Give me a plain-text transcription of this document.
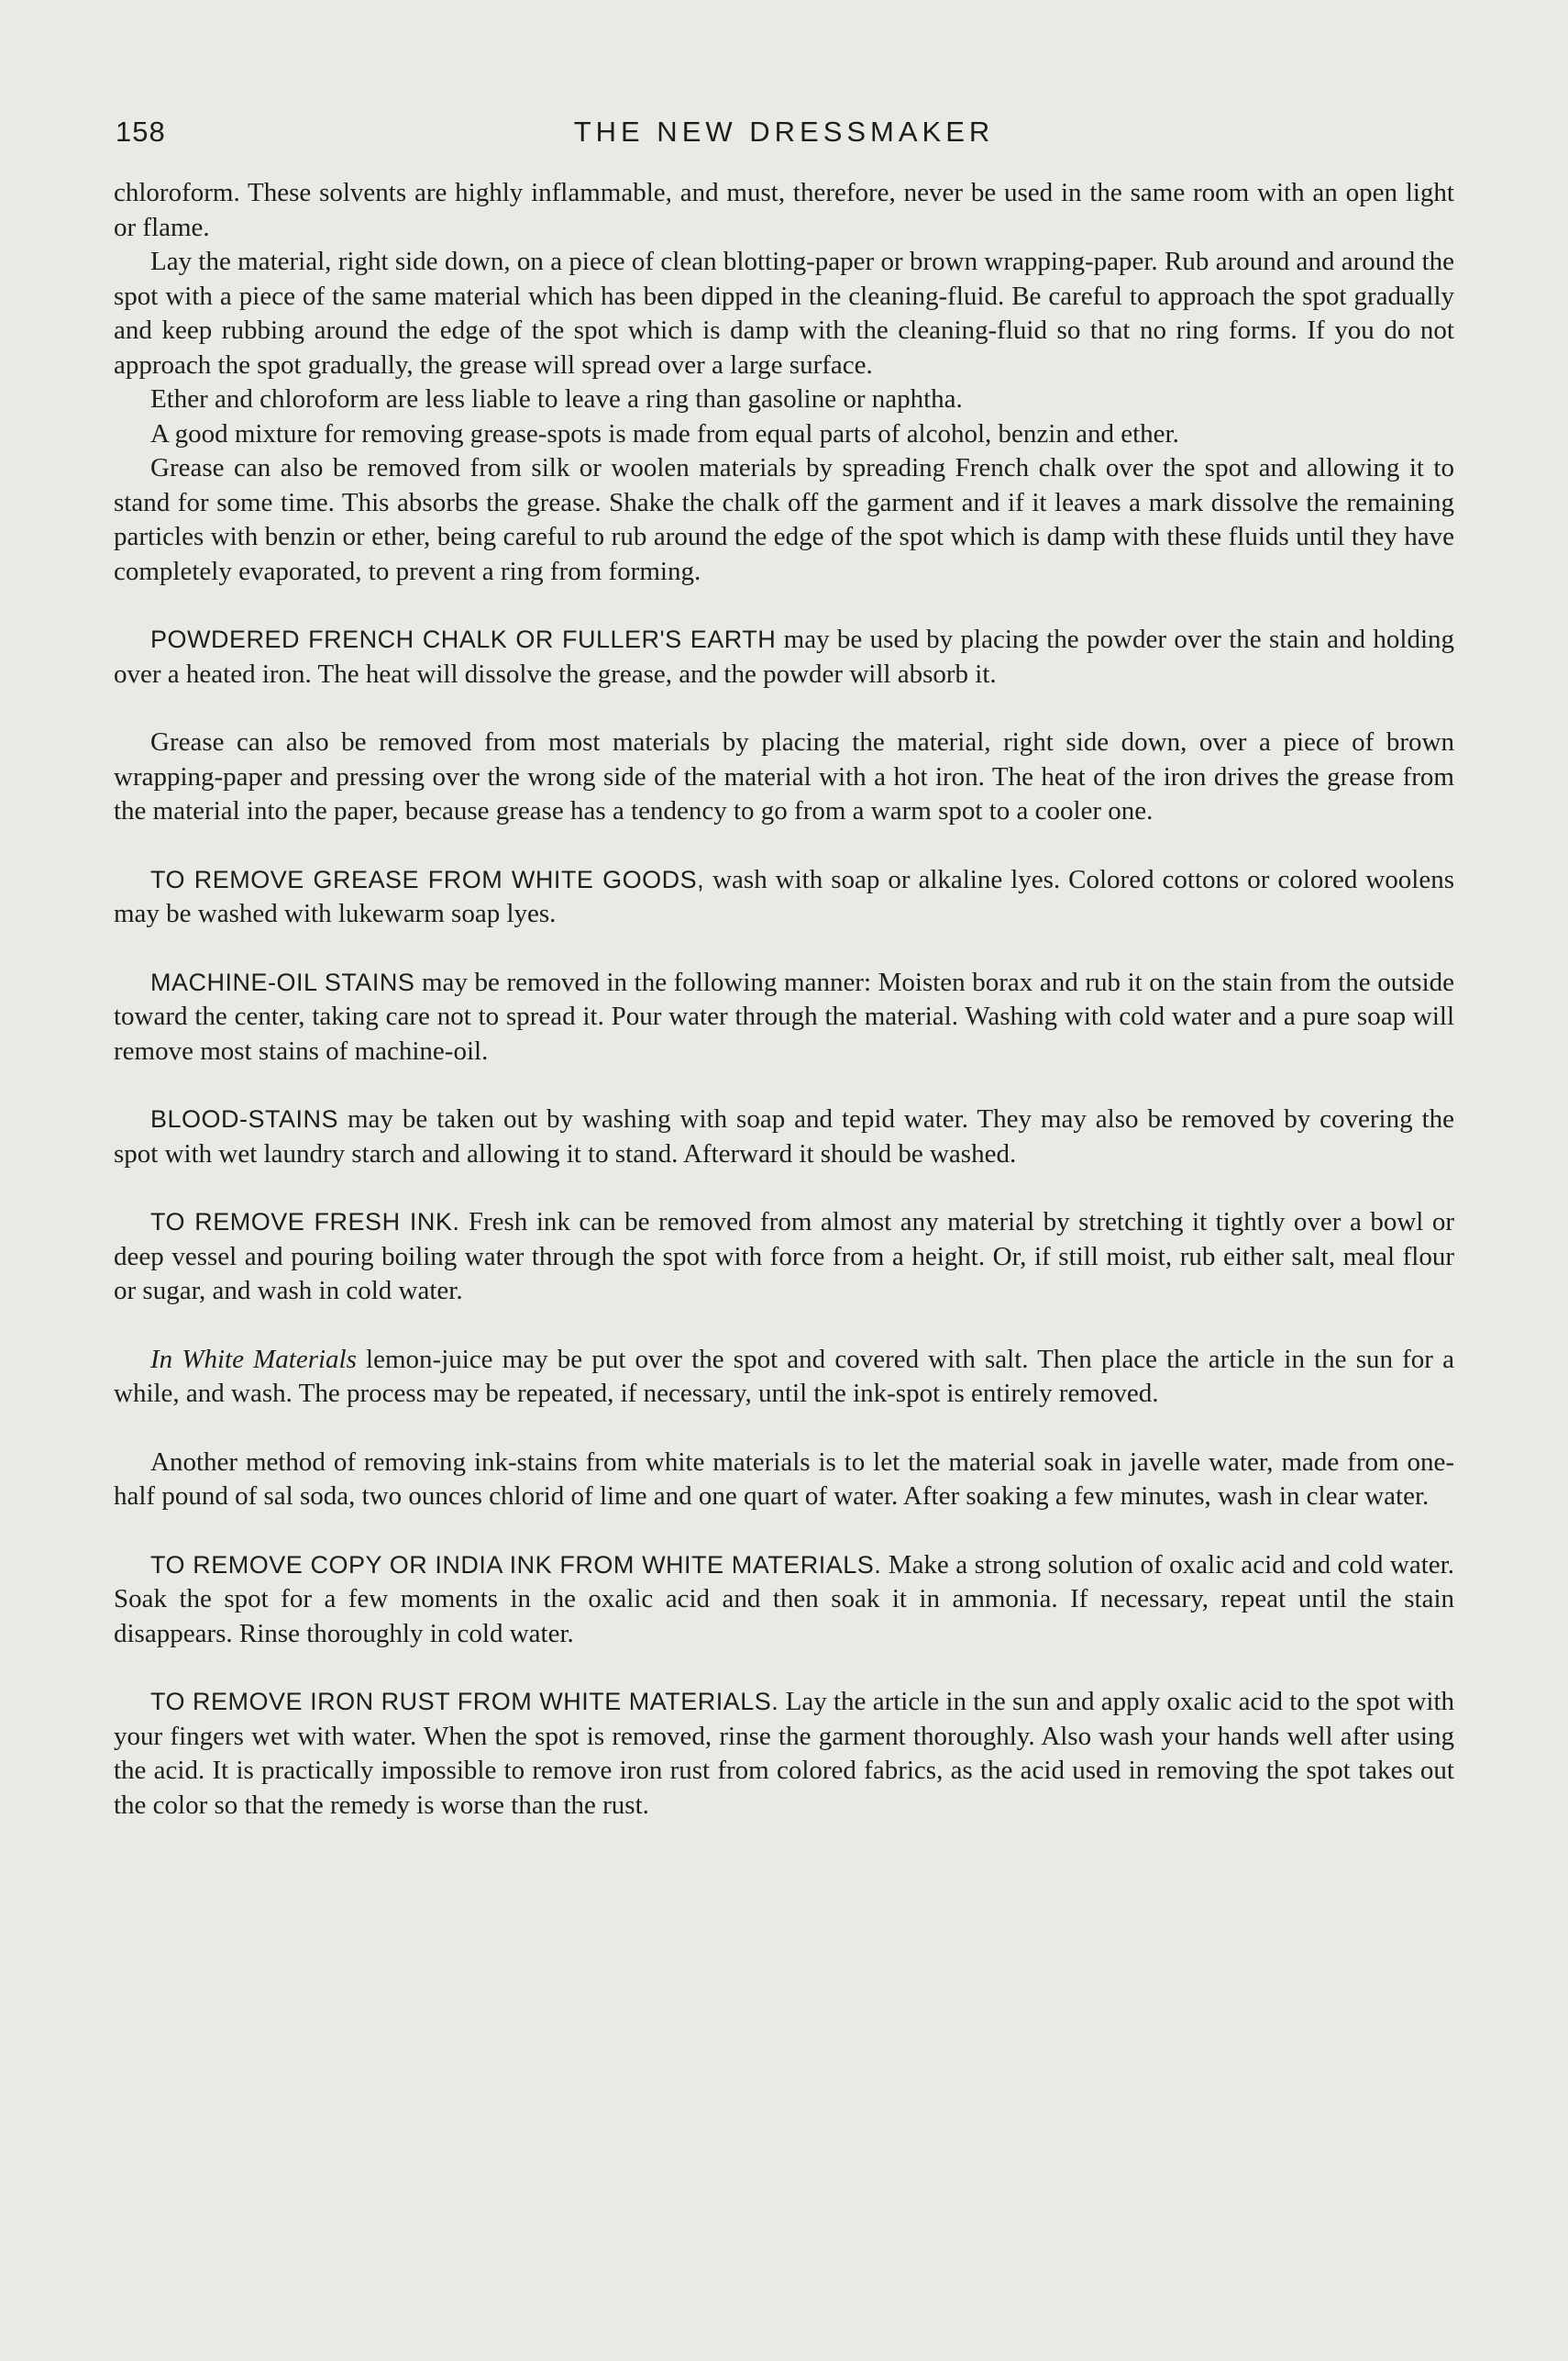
158	THE NEW DRESSMAKER

chloroform. These solvents are highly inflammable, and must, therefore, never be used in the same room with an open light or flame.

Lay the material, right side down, on a piece of clean blotting-paper or brown wrapping-paper. Rub around and around the spot with a piece of the same material which has been dipped in the cleaning-fluid. Be careful to approach the spot gradually and keep rubbing around the edge of the spot which is damp with the cleaning-fluid so that no ring forms. If you do not approach the spot gradually, the grease will spread over a large surface.

Ether and chloroform are less liable to leave a ring than gasoline or naphtha.

A good mixture for removing grease-spots is made from equal parts of alcohol, benzin and ether.

Grease can also be removed from silk or woolen materials by spreading French chalk over the spot and allowing it to stand for some time. This absorbs the grease. Shake the chalk off the garment and if it leaves a mark dissolve the remaining particles with benzin or ether, being careful to rub around the edge of the spot which is damp with these fluids until they have completely evaporated, to prevent a ring from forming.

POWDERED FRENCH CHALK OR FULLER'S EARTH may be used by placing the powder over the stain and holding over a heated iron. The heat will dissolve the grease, and the powder will absorb it.

Grease can also be removed from most materials by placing the material, right side down, over a piece of brown wrapping-paper and pressing over the wrong side of the material with a hot iron. The heat of the iron drives the grease from the material into the paper, because grease has a tendency to go from a warm spot to a cooler one.

TO REMOVE GREASE FROM WHITE GOODS, wash with soap or alkaline lyes. Colored cottons or colored woolens may be washed with lukewarm soap lyes.

MACHINE-OIL STAINS may be removed in the following manner: Moisten borax and rub it on the stain from the outside toward the center, taking care not to spread it. Pour water through the material. Washing with cold water and a pure soap will remove most stains of machine-oil.

BLOOD-STAINS may be taken out by washing with soap and tepid water. They may also be removed by covering the spot with wet laundry starch and allowing it to stand. Afterward it should be washed.

TO REMOVE FRESH INK. Fresh ink can be removed from almost any material by stretching it tightly over a bowl or deep vessel and pouring boiling water through the spot with force from a height. Or, if still moist, rub either salt, meal flour or sugar, and wash in cold water.

In White Materials lemon-juice may be put over the spot and covered with salt. Then place the article in the sun for a while, and wash. The process may be repeated, if necessary, until the ink-spot is entirely removed.

Another method of removing ink-stains from white materials is to let the material soak in javelle water, made from one-half pound of sal soda, two ounces chlorid of lime and one quart of water. After soaking a few minutes, wash in clear water.

TO REMOVE COPY OR INDIA INK FROM WHITE MATERIALS. Make a strong solution of oxalic acid and cold water. Soak the spot for a few moments in the oxalic acid and then soak it in ammonia. If necessary, repeat until the stain disappears. Rinse thoroughly in cold water.

TO REMOVE IRON RUST FROM WHITE MATERIALS. Lay the article in the sun and apply oxalic acid to the spot with your fingers wet with water. When the spot is removed, rinse the garment thoroughly. Also wash your hands well after using the acid. It is practically impossible to remove iron rust from colored fabrics, as the acid used in removing the spot takes out the color so that the remedy is worse than the rust.
